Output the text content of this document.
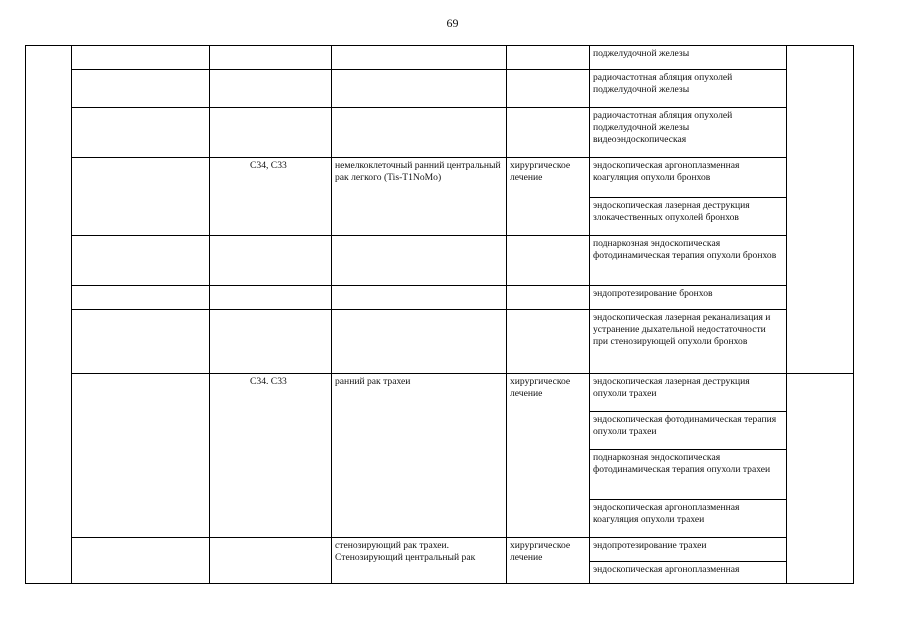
69
					поджелудочной железы	
					радиочастотная абляция опухолей поджелудочной железы	
					радиочастотная абляция опухолей поджелудочной железы видеоэндоскопическая	
		С34, С33	немелкоклеточный ранний центральный рак легкого (Tis-T1NoMo)	хирургическое лечение	эндоскопическая аргоноплазменная коагуляция опухоли бронхов	
					эндоскопическая лазерная деструкция злокачественных опухолей бронхов	
					поднаркозная эндоскопическая фотодинамическая терапия опухоли бронхов	
					эндопротезирование бронхов	
					эндоскопическая лазерная реканализация и устранение дыхательной недостаточности при стенозирующей опухоли бронхов	
		С34. С33	ранний рак трахеи	хирургическое лечение	эндоскопическая лазерная деструкция опухоли трахеи	
					эндоскопическая фотодинамическая терапия опухоли трахеи	
					поднаркозная эндоскопическая фотодинамическая терапия опухоли трахеи	
					эндоскопическая аргоноплазменная коагуляция опухоли трахеи	
			стенозирующий рак трахеи. Стенозирующий центральный рак	хирургическое лечение	эндопротезирование трахеи	
					эндоскопическая аргоноплазменная	
